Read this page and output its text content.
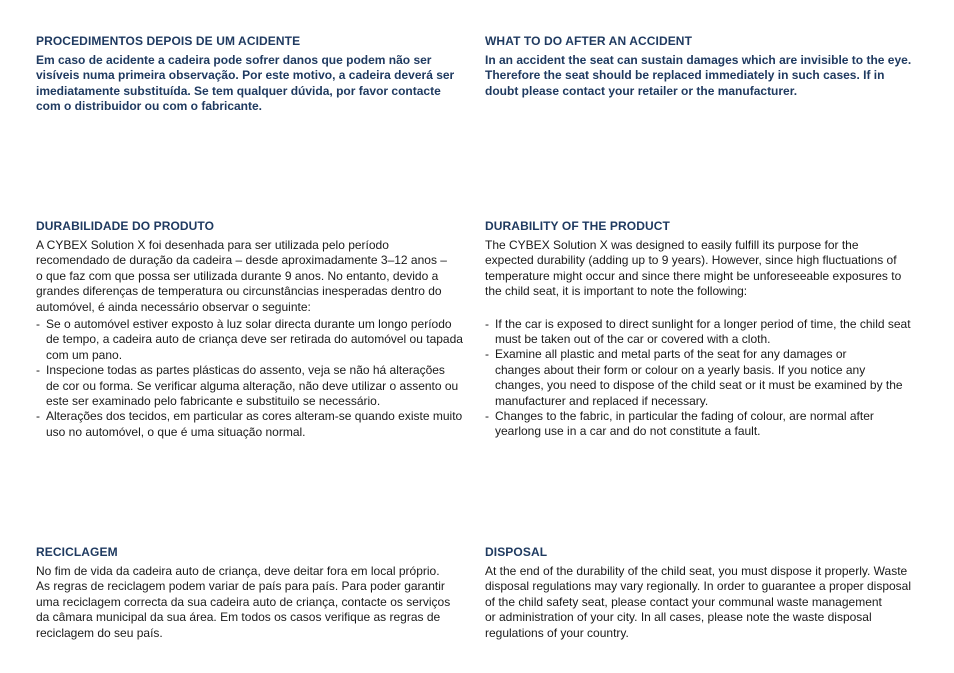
PROCEDIMENTOS DEPOIS DE UM ACIDENTE

Em caso de acidente a cadeira pode sofrer danos que podem não ser
visíveis numa primeira observação. Por este motivo, a cadeira deverá ser
imediatamente substituída. Se tem qualquer dúvida, por favor contacte
com o distribuidor ou com o fabricante.

WHAT TO DO AFTER AN ACCIDENT

In an accident the seat can sustain damages which are invisible to the eye.
Therefore the seat should be replaced immediately in such cases. If in
doubt please contact your retailer or the manufacturer.

DURABILIDADE DO PRODUTO

A CYBEX Solution X foi desenhada para ser utilizada pelo período
recomendado de duração da cadeira – desde aproximadamente 3–12 anos –
o que faz com que possa ser utilizada durante 9 anos. No entanto, devido a
grandes diferenças de temperatura ou circunstâncias inesperadas dentro do
automóvel, é ainda necessário observar o seguinte:

- Se o automóvel estiver exposto à luz solar directa durante um longo período
de tempo, a cadeira auto de criança deve ser retirada do automóvel ou tapada
com um pano.
- Inspecione todas as partes plásticas do assento, veja se não há alterações
de cor ou forma. Se verificar alguma alteração, não deve utilizar o assento ou
este ser examinado pelo fabricante e substituilo se necessário.
- Alterações dos tecidos, em particular as cores alteram-se quando existe muito
uso no automóvel, o que é uma situação normal.
DURABILITY OF THE PRODUCT

The CYBEX Solution X was designed to easily fulfill its purpose for the
expected durability (adding up to 9 years). However, since high fluctuations of
temperature might occur and since there might be unforeseeable exposures to
the child seat, it is important to note the following:

- If the car is exposed to direct sunlight for a longer period of time, the child seat
must be taken out of the car or covered with a cloth.
- Examine all plastic and metal parts of the seat for any damages or
changes about their form or colour on a yearly basis. If you notice any
changes, you need to dispose of the child seat or it must be examined by the
manufacturer and replaced if necessary.
- Changes to the fabric, in particular the fading of colour, are normal after
yearlong use in a car and do not constitute a fault.
RECICLAGEM

No fim de vida da cadeira auto de criança, deve deitar fora em local próprio.
As regras de reciclagem podem variar de país para país. Para poder garantir
uma reciclagem correcta da sua cadeira auto de criança, contacte os serviços
da câmara municipal da sua área. Em todos os casos verifique as regras de
reciclagem do seu país.

DISPOSAL

At the end of the durability of the child seat, you must dispose it properly. Waste
disposal regulations may vary regionally. In order to guarantee a proper disposal
of the child safety seat, please contact your communal waste management
or administration of your city. In all cases, please note the waste disposal
regulations of your country.
